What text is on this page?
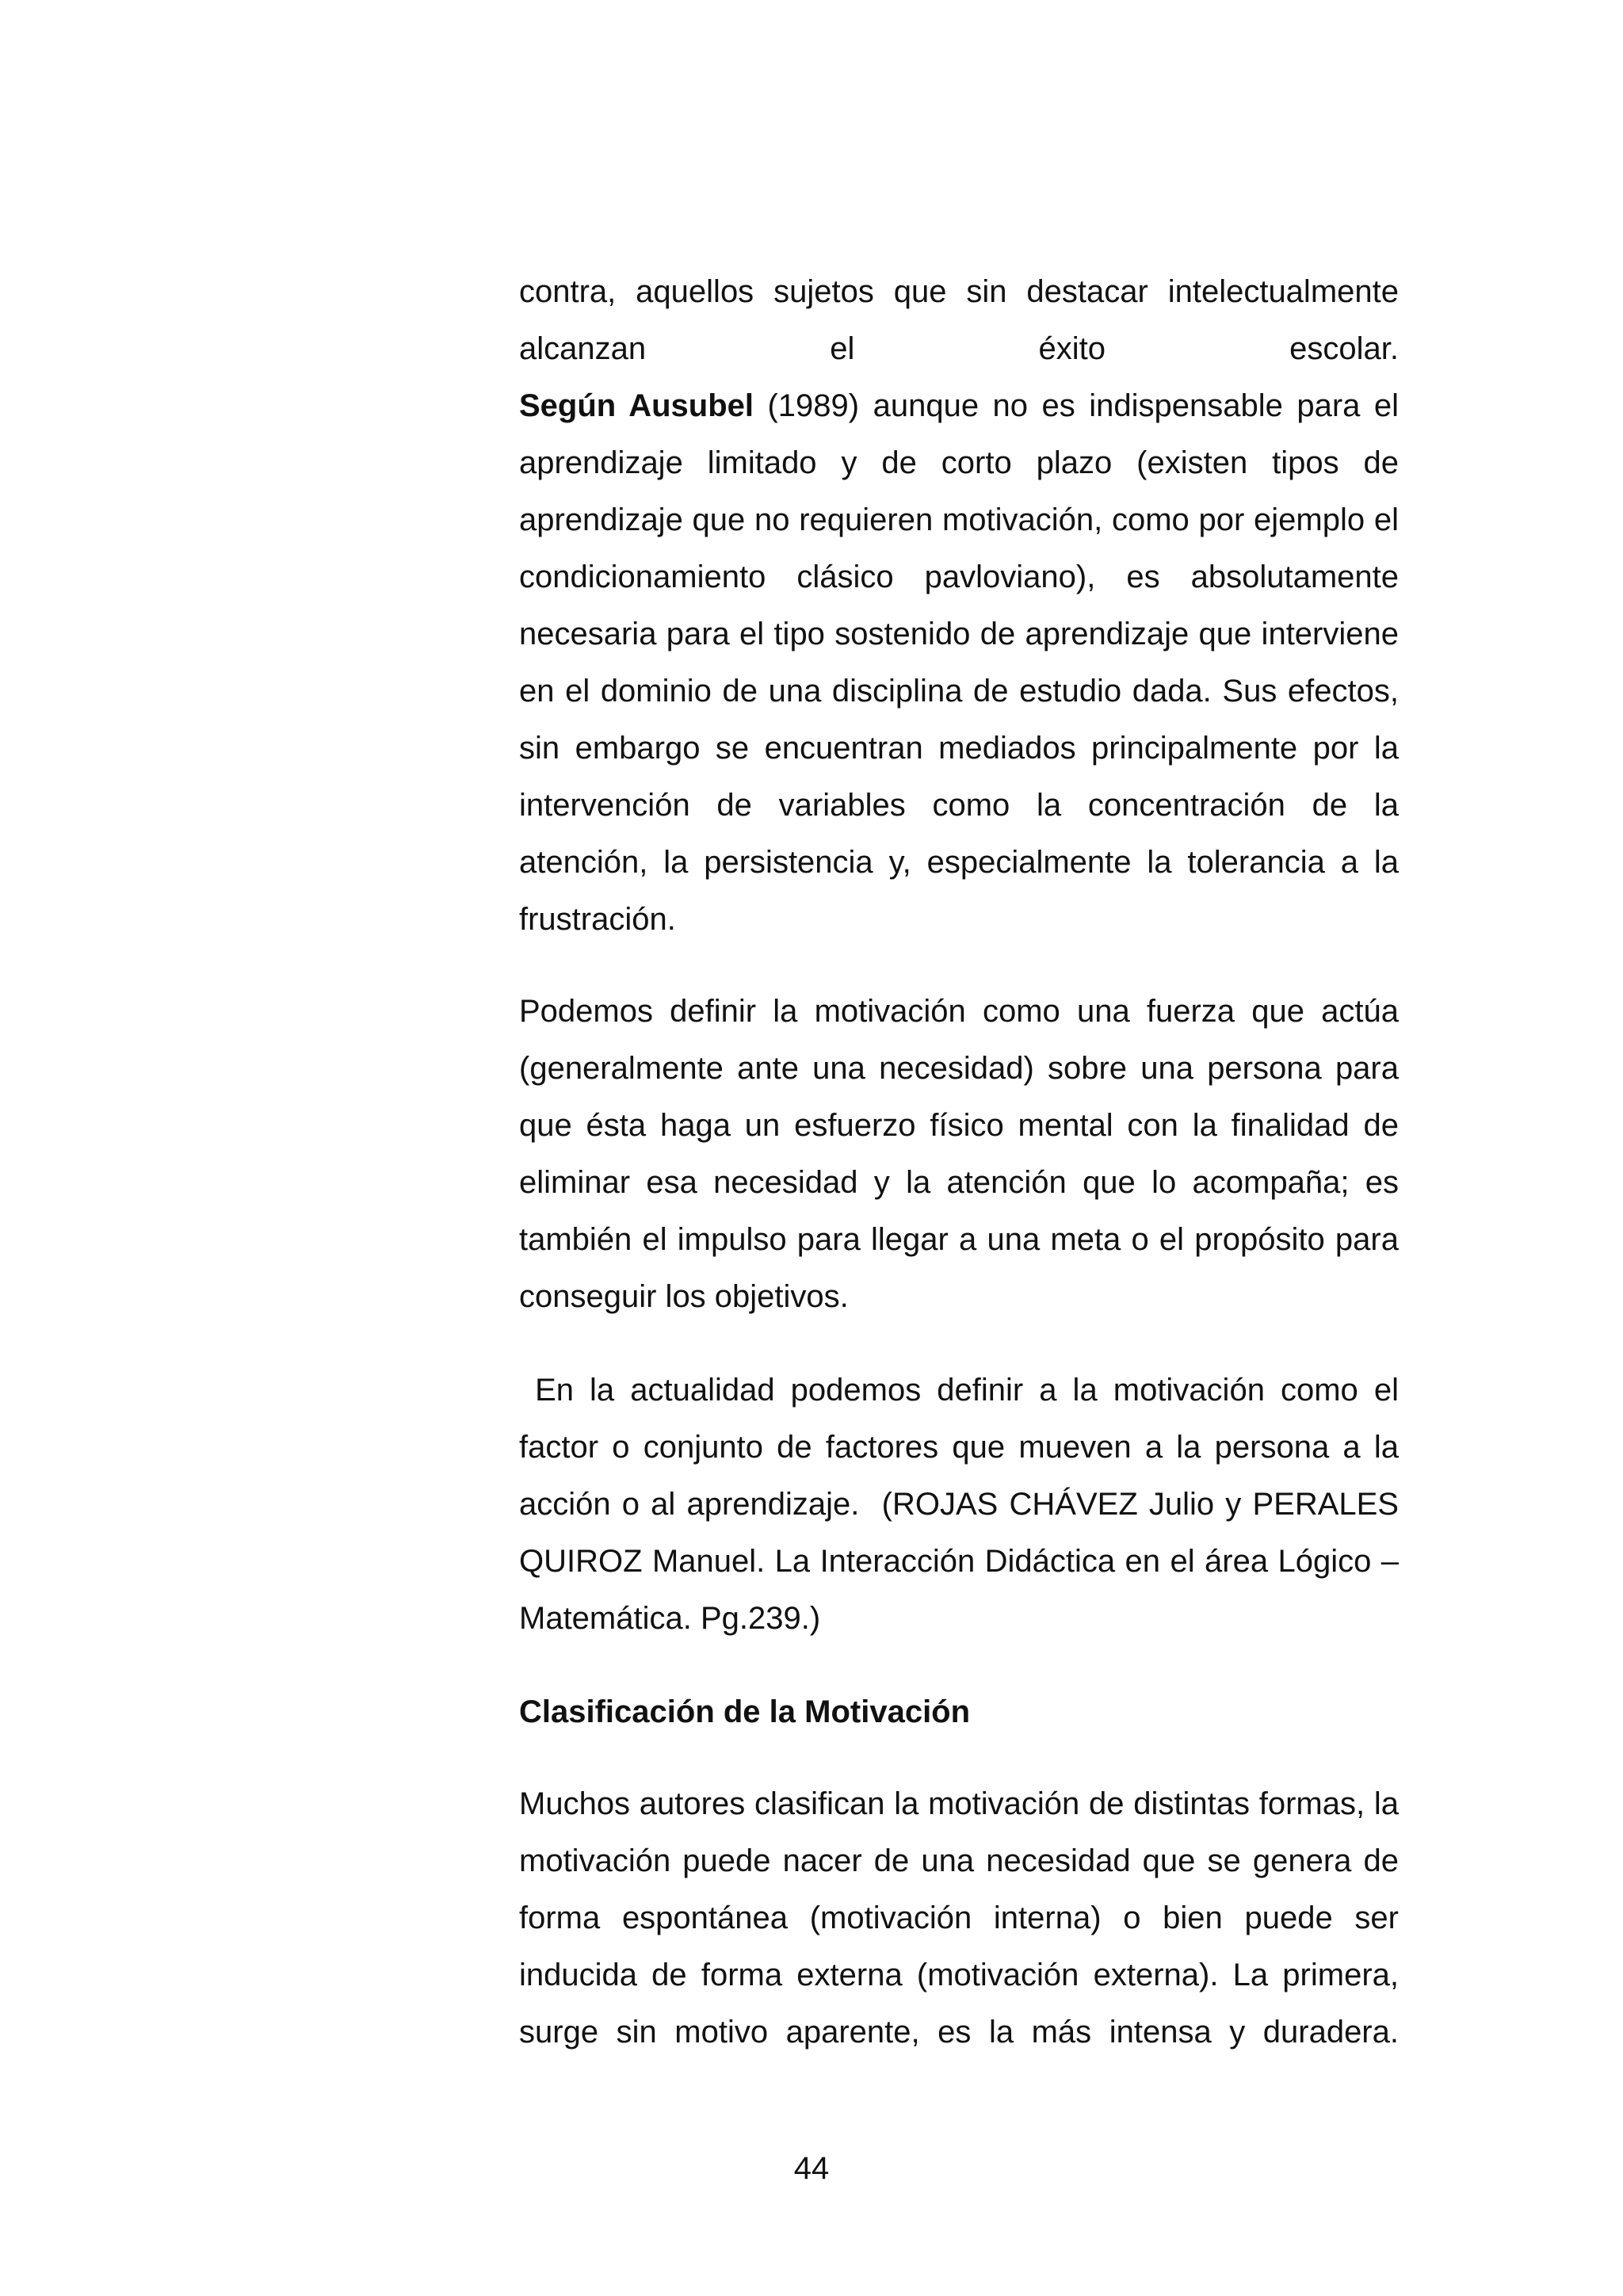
contra, aquellos sujetos que sin destacar intelectualmente
alcanzan el éxito escolar.
Según Ausubel (1989) aunque no es indispensable para el aprendizaje limitado y de corto plazo (existen tipos de aprendizaje que no requieren motivación, como por ejemplo el condicionamiento clásico pavloviano), es absolutamente necesaria para el tipo sostenido de aprendizaje que interviene en el dominio de una disciplina de estudio dada. Sus efectos, sin embargo se encuentran mediados principalmente por la intervención de variables como la concentración de la atención, la persistencia y, especialmente la tolerancia a la frustración.

Podemos definir la motivación como una fuerza que actúa (generalmente ante una necesidad) sobre una persona para que ésta haga un esfuerzo físico mental con la finalidad de eliminar esa necesidad y la atención que lo acompaña; es también el impulso para llegar a una meta o el propósito para conseguir los objetivos.

En la actualidad podemos definir a la motivación como el factor o conjunto de factores que mueven a la persona a la acción o al aprendizaje.  (ROJAS CHÁVEZ Julio y PERALES QUIROZ Manuel. La Interacción Didáctica en el área Lógico – Matemática. Pg.239.)

Clasificación de la Motivación

Muchos autores clasifican la motivación de distintas formas, la motivación puede nacer de una necesidad que se genera de forma espontánea (motivación interna) o bien puede ser inducida de forma externa (motivación externa). La primera, surge sin motivo aparente, es la más intensa y duradera.

44
